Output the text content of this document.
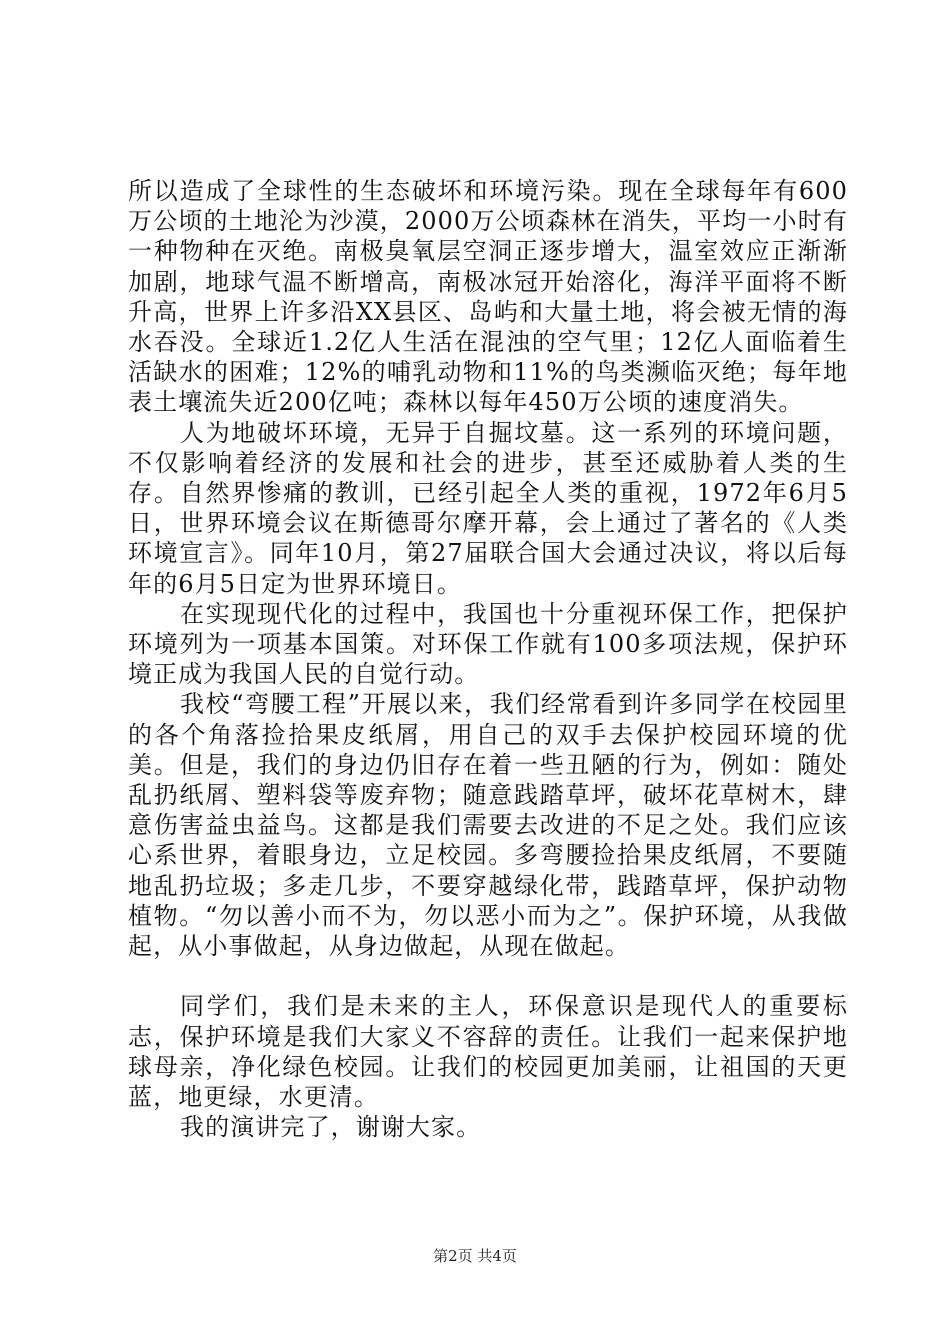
所以造成了全球性的生态破坏和环境污染。现在全球每年有600万公顷的土地沦为沙漠，2000万公顷森林在消失，平均一小时有一种物种在灭绝。南极臭氧层空洞正逐步增大，温室效应正渐渐加剧，地球气温不断增高，南极冰冠开始溶化，海洋平面将不断升高，世界上许多沿XX县区、岛屿和大量土地，将会被无情的海水吞没。全球近1.2亿人生活在混浊的空气里；12亿人面临着生活缺水的困难；12%的哺乳动物和11%的鸟类濒临灭绝；每年地表土壤流失近200亿吨；森林以每年450万公顷的速度消失。

人为地破坏环境，无异于自掘坟墓。这一系列的环境问题，不仅影响着经济的发展和社会的进步，甚至还威胁着人类的生存。自然界惨痛的教训，已经引起全人类的重视，1972年6月5日，世界环境会议在斯德哥尔摩开幕，会上通过了著名的《人类环境宣言》。同年10月，第27届联合国大会通过决议，将以后每年的6月5日定为世界环境日。

在实现现代化的过程中，我国也十分重视环保工作，把保护环境列为一项基本国策。对环保工作就有100多项法规，保护环境正成为我国人民的自觉行动。

我校“弯腰工程”开展以来，我们经常看到许多同学在校园里的各个角落捡拾果皮纸屑，用自己的双手去保护校园环境的优美。但是，我们的身边仍旧存在着一些丑陋的行为，例如：随处乱扔纸屑、塑料袋等废弃物；随意践踏草坪，破坏花草树木，肆意伤害益虫益鸟。这都是我们需要去改进的不足之处。我们应该心系世界，着眼身边，立足校园。多弯腰捡拾果皮纸屑，不要随地乱扔垃圾；多走几步，不要穿越绿化带，践踏草坪，保护动物植物。“勿以善小而不为，勿以恶小而为之”。保护环境，从我做起，从小事做起，从身边做起，从现在做起。

同学们，我们是未来的主人，环保意识是现代人的重要标志，保护环境是我们大家义不容辞的责任。让我们一起来保护地球母亲，净化绿色校园。让我们的校园更加美丽，让祖国的天更蓝，地更绿，水更清。

我的演讲完了，谢谢大家。

第2页 共4页
